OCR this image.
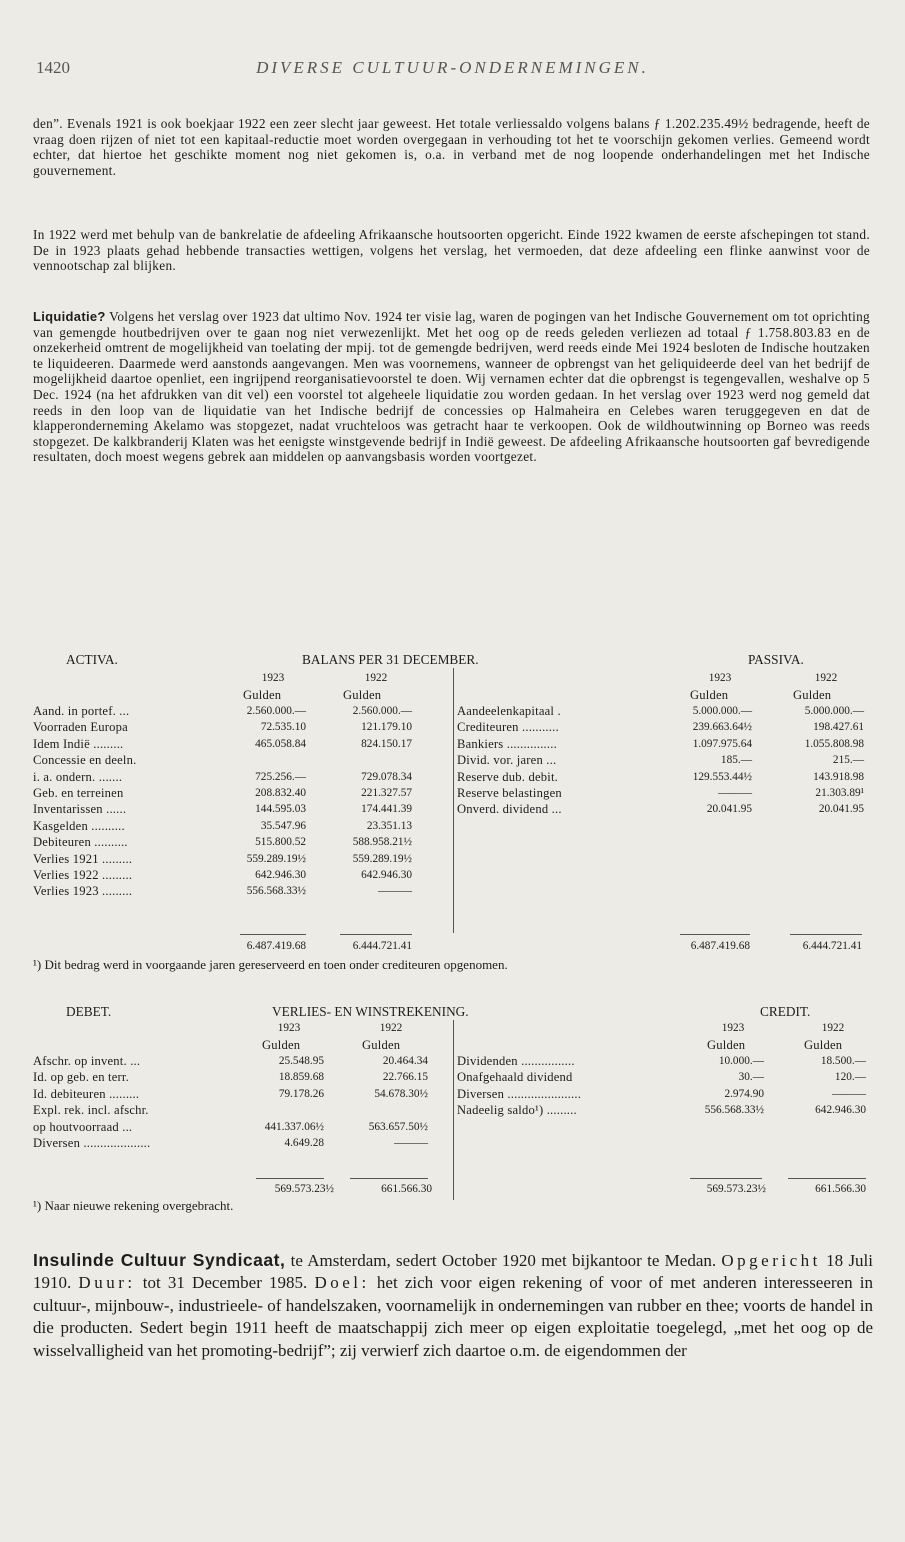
1420	DIVERSE CULTUUR-ONDERNEMINGEN.

den”. Evenals 1921 is ook boekjaar 1922 een zeer slecht jaar geweest. Het totale verliessaldo volgens balans ƒ 1.202.235.49½ bedragende, heeft de vraag doen rijzen of niet tot een kapitaal-reductie moet worden overgegaan in verhouding tot het te voorschijn gekomen verlies. Gemeend wordt echter, dat hiertoe het geschikte moment nog niet gekomen is, o.a. in verband met de nog loopende onderhandelingen met het Indische gouvernement.

In 1922 werd met behulp van de bankrelatie de afdeeling Afrikaansche houtsoorten opgericht. Einde 1922 kwamen de eerste afschepingen tot stand. De in 1923 plaats gehad hebbende transacties wettigen, volgens het verslag, het vermoeden, dat deze afdeeling een flinke aanwinst voor de vennootschap zal blijken.

Liquidatie? Volgens het verslag over 1923 dat ultimo Nov. 1924 ter visie lag, waren de pogingen van het Indische Gouvernement om tot oprichting van gemengde houtbedrijven over te gaan nog niet verwezenlijkt. Met het oog op de reeds geleden verliezen ad totaal ƒ 1.758.803.83 en de onzekerheid omtrent de mogelijkheid van toelating der mpij. tot de gemengde bedrijven, werd reeds einde Mei 1924 besloten de Indische houtzaken te liquideeren. Daarmede werd aanstonds aangevangen. Men was voornemens, wanneer de opbrengst van het geliquideerde deel van het bedrijf de mogelijkheid daartoe openliet, een ingrijpend reorganisatievoorstel te doen. Wij vernamen echter dat die opbrengst is tegengevallen, weshalve op 5 Dec. 1924 (na het afdrukken van dit vel) een voorstel tot algeheele liquidatie zou worden gedaan. In het verslag over 1923 werd nog gemeld dat reeds in den loop van de liquidatie van het Indische bedrijf de concessies op Halmaheira en Celebes waren teruggegeven en dat de klapperonderneming Akelamo was stopgezet, nadat vruchteloos was getracht haar te verkoopen. Ook de wildhoutwinning op Borneo was reeds stopgezet. De kalkbranderij Klaten was het eenigste winstgevende bedrijf in Indië geweest. De afdeeling Afrikaansche houtsoorten gaf bevredigende resultaten, doch moest wegens gebrek aan middelen op aanvangsbasis worden voortgezet.

ACTIVA.	BALANS PER 31 DECEMBER.	PASSIVA.
1923	1922	1923	1922
Gulden	Gulden	Gulden	Gulden
Aand. in portef. ...	2.560.000.—	2.560.000.—
Voorraden Europa	72.535.10	121.179.10
Idem Indië .........	465.058.84	824.150.17
Concessie en deeln.
i. a. ondern. .......	725.256.—	729.078.34
Geb. en terreinen	208.832.40	221.327.57
Inventarissen ......	144.595.03	174.441.39
Kasgelden ..........	35.547.96	23.351.13
Debiteuren ..........	515.800.52	588.958.21½
Verlies 1921 .........	559.289.19½	559.289.19½
Verlies 1922 .........	642.946.30	642.946.30
Verlies 1923 .........	556.568.33½	———
Aandeelenkapitaal .	5.000.000.—	5.000.000.—
Crediteuren ...........	239.663.64½	198.427.61
Bankiers ...............	1.097.975.64	1.055.808.98
Divid. vor. jaren ...	185.—	215.—
Reserve dub. debit.	129.553.44½	143.918.98
Reserve belastingen	———	21.303.89¹
Onverd. dividend ...	20.041.95	20.041.95
6.487.419.68	6.444.721.41	6.487.419.68	6.444.721.41
¹) Dit bedrag werd in voorgaande jaren gereserveerd en toen onder crediteuren opgenomen.
DEBET.	VERLIES- EN WINSTREKENING.	CREDIT.
1923	1922	1923	1922
Gulden	Gulden	Gulden	Gulden
Afschr. op invent. ...	25.548.95	20.464.34
Id. op geb. en terr.	18.859.68	22.766.15
Id. debiteuren .........	79.178.26	54.678.30½
Expl. rek. incl. afschr.
op houtvoorraad ...	441.337.06½	563.657.50½
Diversen ....................	4.649.28	———
Dividenden ................	10.000.—	18.500.—
Onafgehaald dividend	30.—	120.—
Diversen ......................	2.974.90	———
Nadeelig saldo¹) .........	556.568.33½	642.946.30
569.573.23½	661.566.30	569.573.23½	661.566.30
¹) Naar nieuwe rekening overgebracht.

Insulinde Cultuur Syndicaat, te Amsterdam, sedert October 1920 met bijkantoor te Medan. Opgericht 18 Juli 1910. Duur: tot 31 December 1985. Doel: het zich voor eigen rekening of voor of met anderen interesseeren in cultuur-, mijnbouw-, industrieele- of handelszaken, voornamelijk in ondernemingen van rubber en thee; voorts de handel in die producten. Sedert begin 1911 heeft de maatschappij zich meer op eigen exploitatie toegelegd, „met het oog op de wisselvalligheid van het promoting-bedrijf”; zij verwierf zich daartoe o.m. de eigendommen der
